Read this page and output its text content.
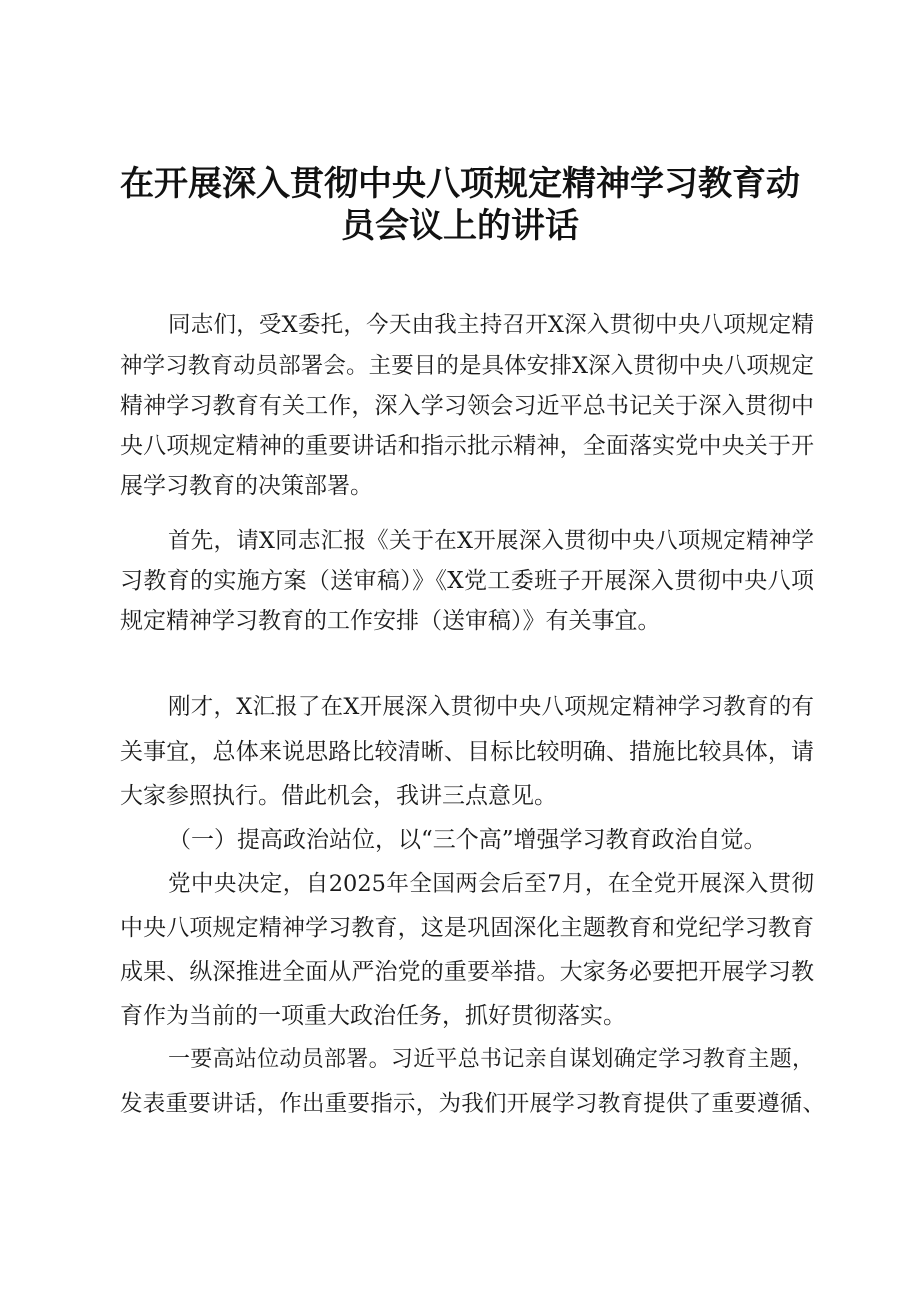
在开展深入贯彻中央八项规定精神学习教育动
员会议上的讲话
同志们，受X委托，今天由我主持召开X深入贯彻中央八项规定精
神学习教育动员部署会。主要目的是具体安排X深入贯彻中央八项规定
精神学习教育有关工作，深入学习领会习近平总书记关于深入贯彻中
央八项规定精神的重要讲话和指示批示精神，全面落实党中央关于开
展学习教育的决策部署。
首先，请X同志汇报《关于在X开展深入贯彻中央八项规定精神学
习教育的实施方案（送审稿）》《X党工委班子开展深入贯彻中央八项
规定精神学习教育的工作安排（送审稿）》有关事宜。
刚才，X汇报了在X开展深入贯彻中央八项规定精神学习教育的有
关事宜，总体来说思路比较清晰、目标比较明确、措施比较具体，请
大家参照执行。借此机会，我讲三点意见。
（一）提高政治站位，以“三个高”增强学习教育政治自觉。
党中央决定，自2025年全国两会后至7月，在全党开展深入贯彻
中央八项规定精神学习教育，这是巩固深化主题教育和党纪学习教育
成果、纵深推进全面从严治党的重要举措。大家务必要把开展学习教
育作为当前的一项重大政治任务，抓好贯彻落实。
一要高站位动员部署。习近平总书记亲自谋划确定学习教育主题，
发表重要讲话，作出重要指示，为我们开展学习教育提供了重要遵循、
